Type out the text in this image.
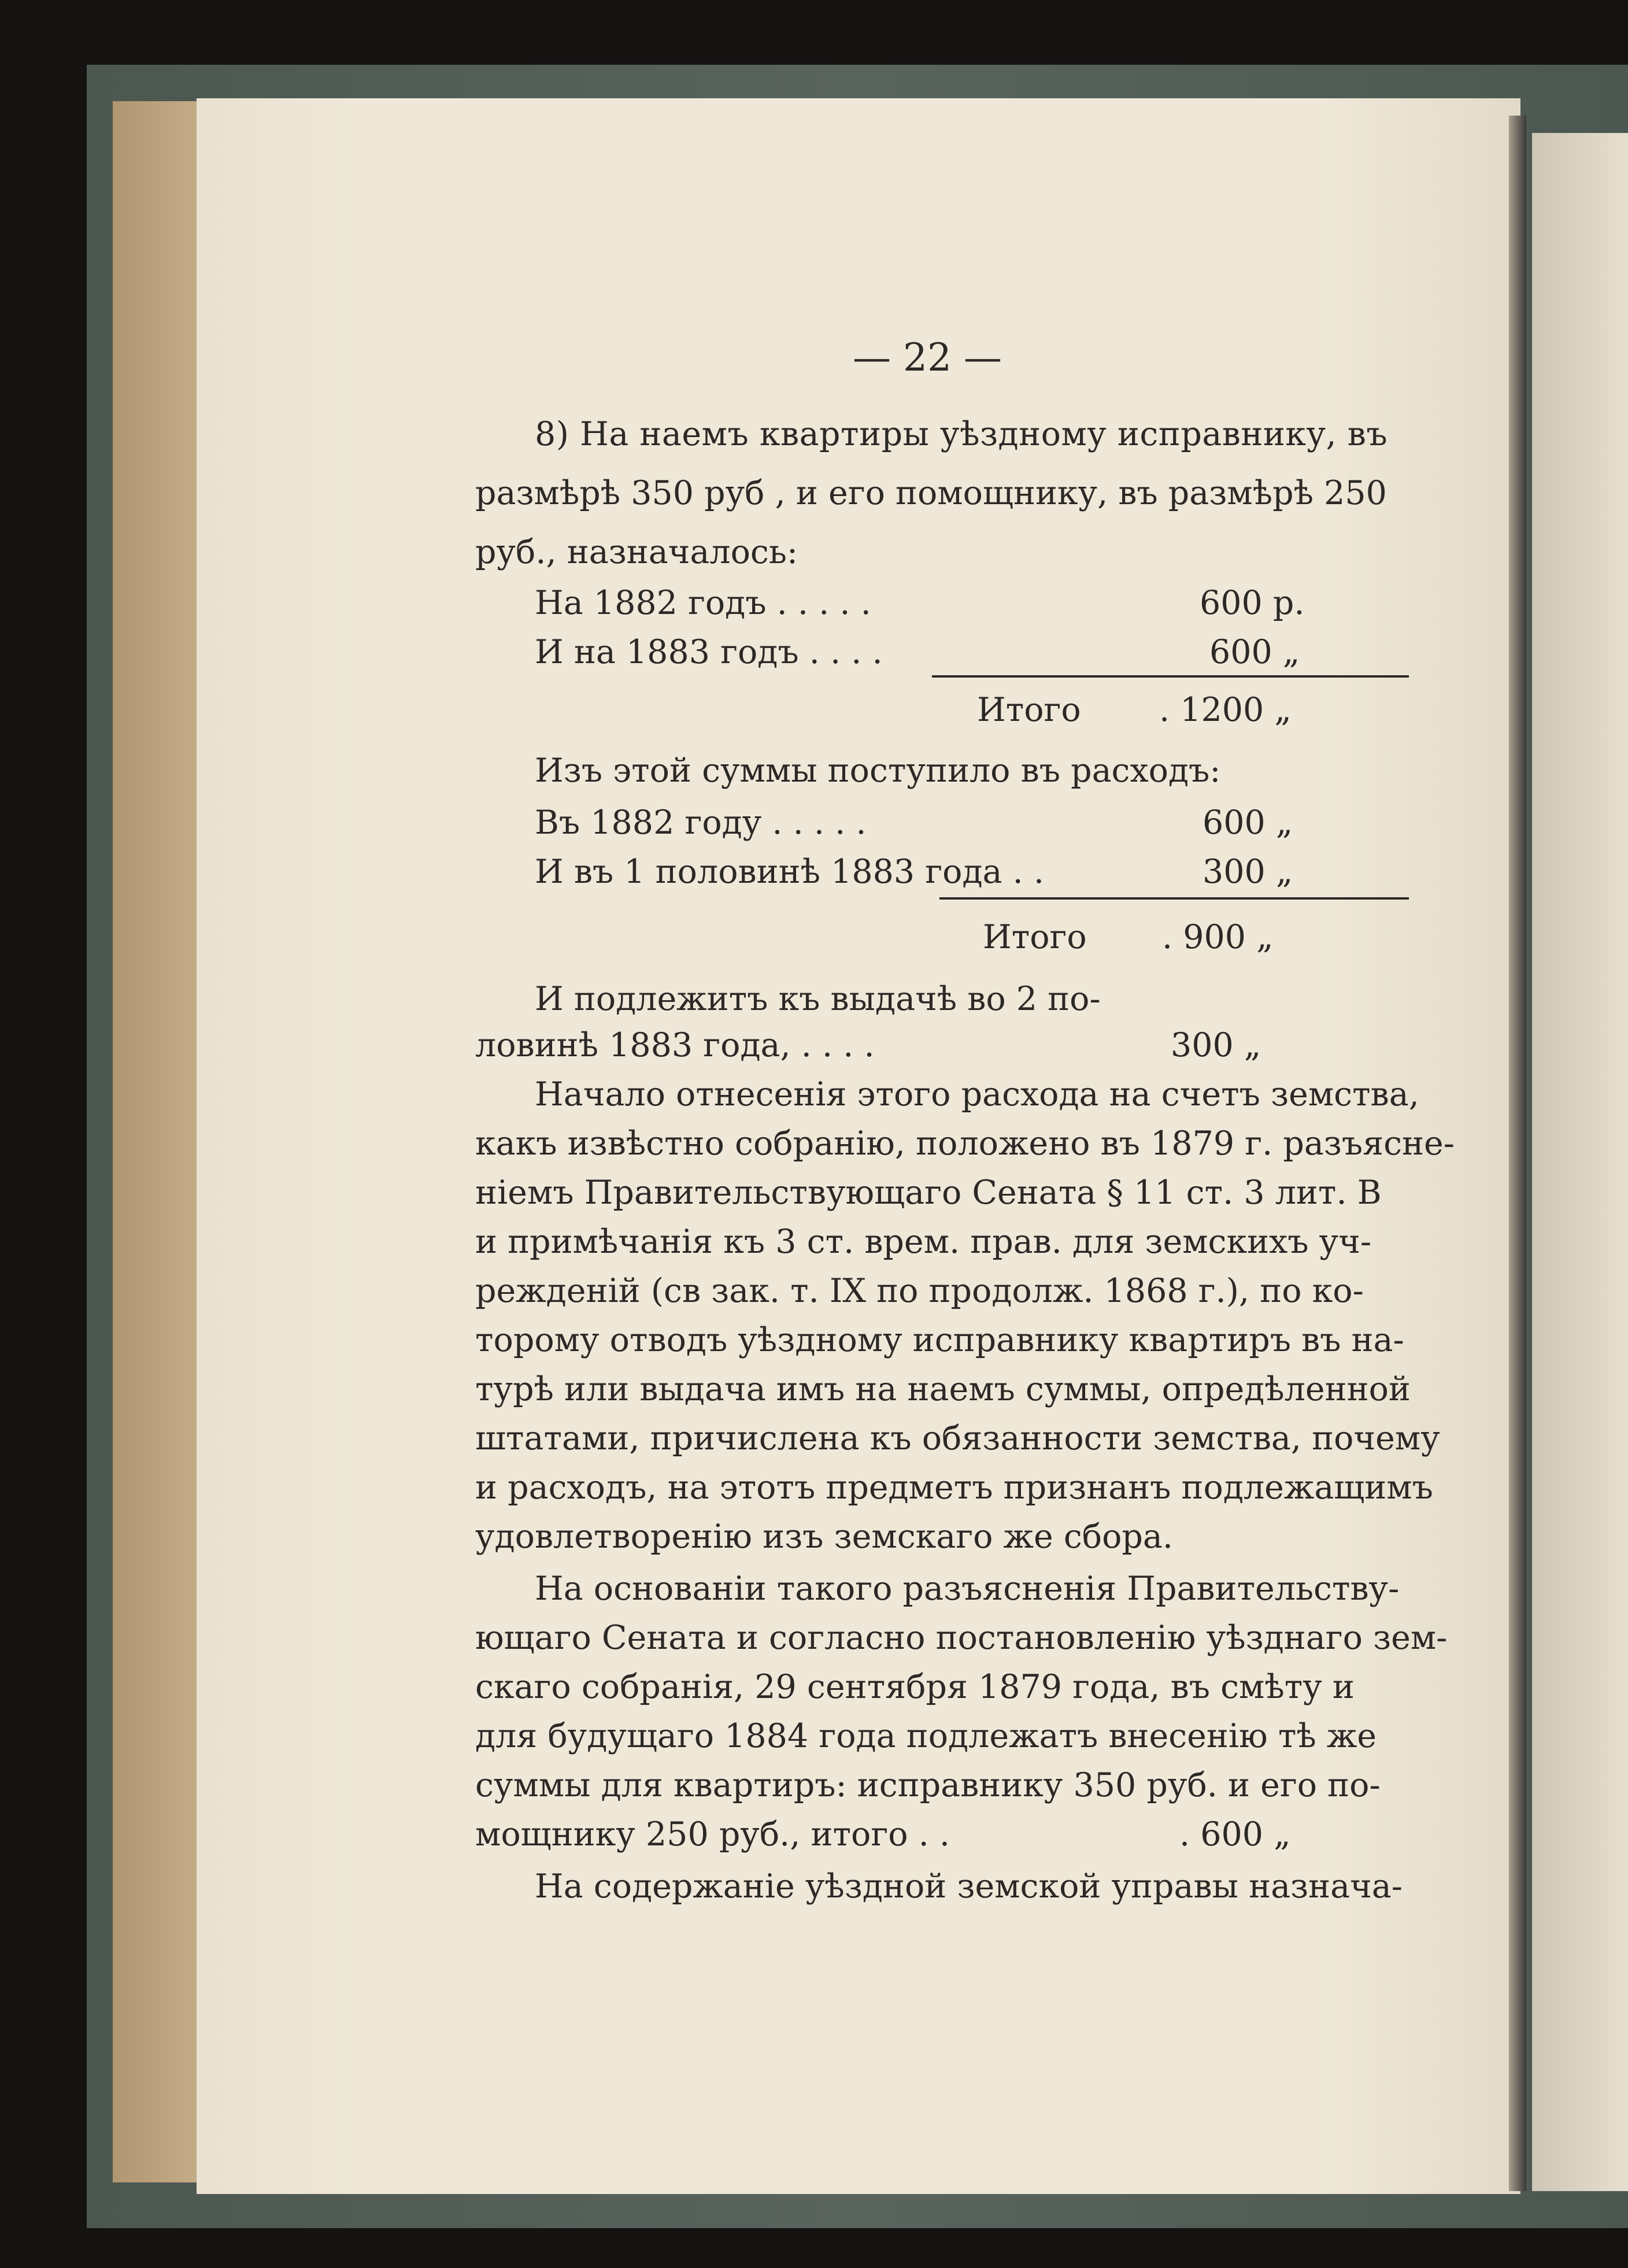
— 22 —
8) На наемъ квартиры уѣздному исправнику, въ
размѣрѣ 350 руб , и его помощнику, въ размѣрѣ 250
руб., назначалось:
На 1882 годъ . . . . .	600 р.
И на 1883 годъ . . . .	600 „
Итого . 1200 „
Изъ этой суммы поступило въ расходъ:
Въ 1882 году . . . . .	600 „
И въ 1 половинѣ 1883 года . .	300 „
Итого . 900 „
И подлежитъ къ выдачѣ во 2 по-
ловинѣ 1883 года, . . . .	300 „
Начало отнесенія этого расхода на счетъ земства,
какъ извѣстно собранію, положено въ 1879 г. разъясне-
ніемъ Правительствующаго Сената § 11 ст. 3 лит. В
и примѣчанія къ 3 ст. врем. прав. для земскихъ уч-
режденій (св зак. т. IX по продолж. 1868 г.), по ко-
торому отводъ уѣздному исправнику квартиръ въ на-
турѣ или выдача имъ на наемъ суммы, опредѣленной
штатами, причислена къ обязанности земства, почему
и расходъ, на этотъ предметъ признанъ подлежащимъ
удовлетворенію изъ земскаго же сбора.
На основаніи такого разъясненія Правительству-
ющаго Сената и согласно постановленію уѣзднаго зем-
скаго собранія, 29 сентября 1879 года, въ смѣту и
для будущаго 1884 года подлежатъ внесенію тѣ же
суммы для квартиръ: исправнику 350 руб. и его по-
мощнику 250 руб., итого . .	. 600 „
На содержаніе уѣздной земской управы назнача-
